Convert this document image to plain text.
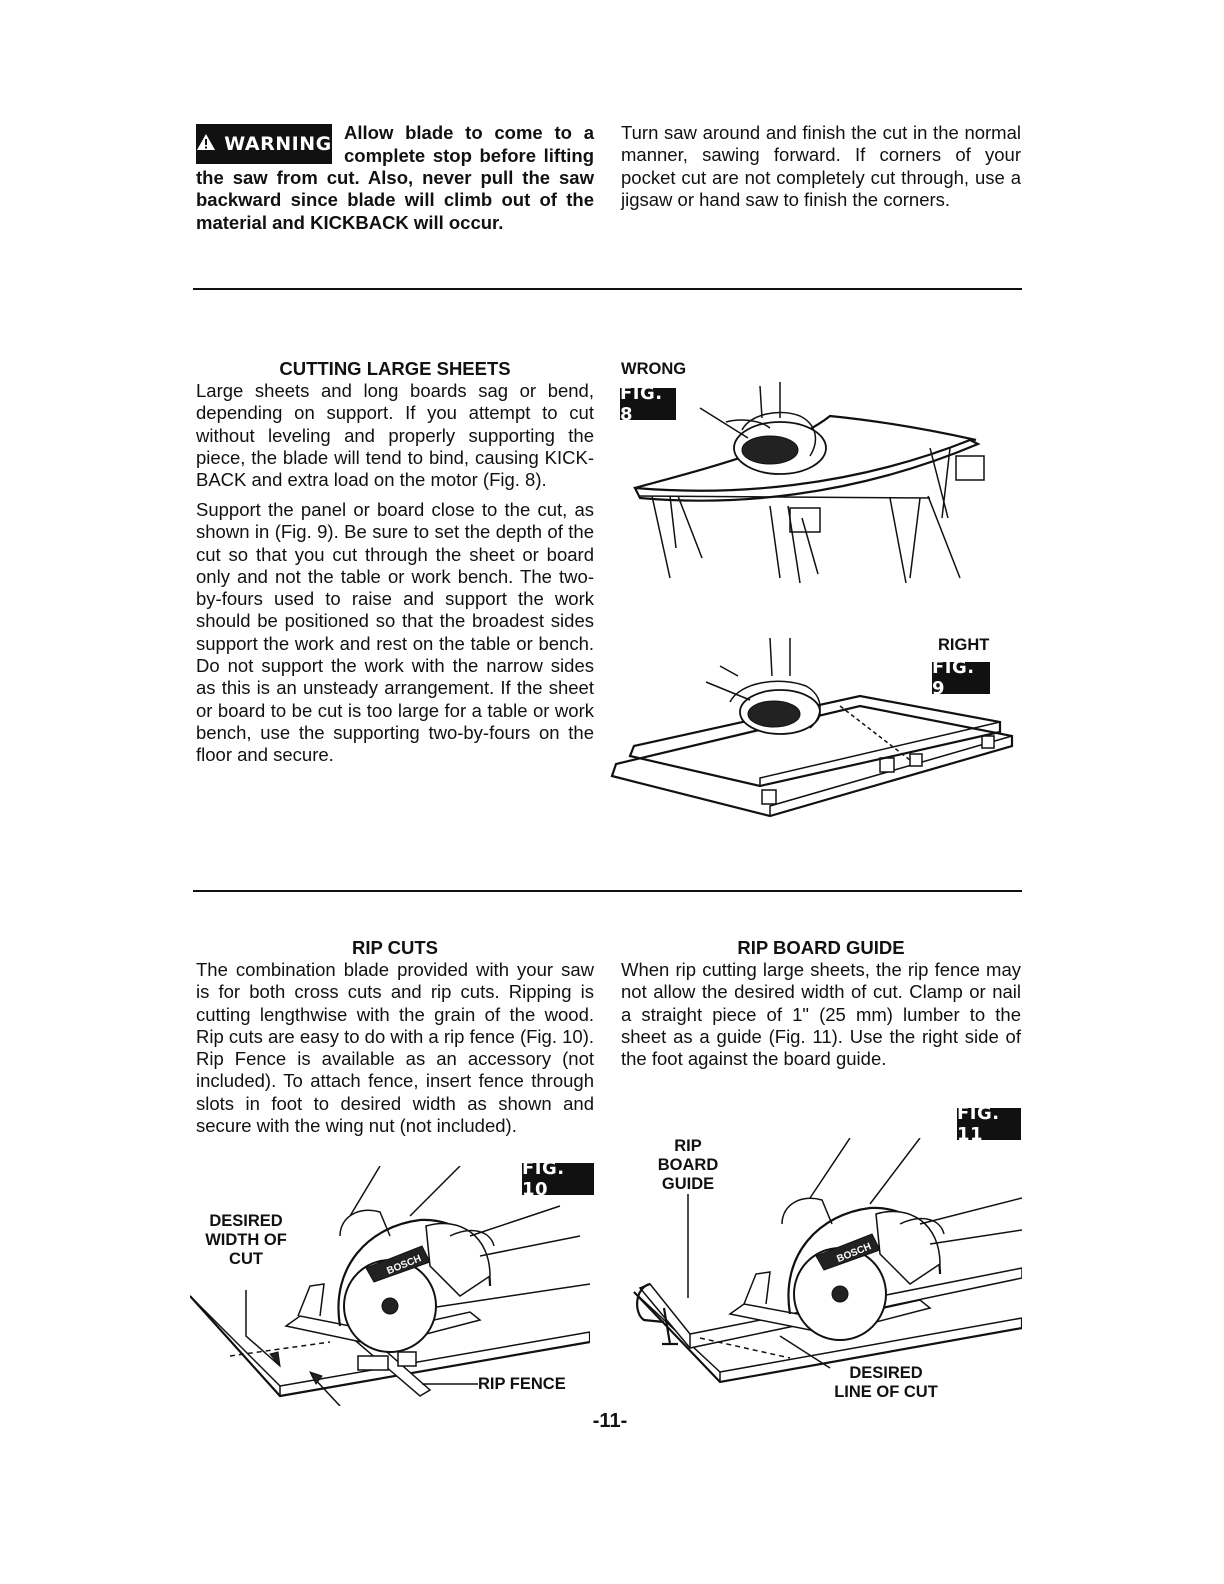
WARNING
Allow blade to come to a
complete stop before lifting
the saw from cut. Also, never pull the saw backward since blade will climb out of the material and KICKBACK will occur.
Turn saw around and finish the cut in the normal manner, sawing forward. If corners of your pocket cut are not completely cut through, use a jigsaw or hand saw to finish the corners.
CUTTING LARGE SHEETS
Large sheets and long boards sag or bend, depending on support. If you attempt to cut without leveling and properly supporting the piece, the blade will tend to bind, causing KICK-BACK and extra load on the motor (Fig. 8).
Support the panel or board close to the cut, as shown in (Fig. 9). Be sure to set the depth of the cut so that you cut through the sheet or board only and not the table or work bench. The two-by-fours used to raise and support the work should be positioned so that the broadest sides support the work and rest on the table or bench. Do not support the work with the narrow sides as this is an unsteady arrangement. If the sheet or board to be cut is too large for a table or work bench, use the supporting two-by-fours on the floor and secure.
WRONG
FIG. 8
RIGHT
FIG. 9
RIP CUTS
The combination blade provided with your saw is for both cross cuts and rip cuts. Ripping is cutting lengthwise with the grain of the wood. Rip cuts are easy to do with a rip fence (Fig. 10). Rip Fence is available as an accessory (not included). To attach fence, insert fence through slots in foot to desired width as shown and secure with the wing nut (not included).
FIG. 10
DESIRED
WIDTH OF
CUT
RIP FENCE
BOSCH
RIP BOARD GUIDE
When rip cutting large sheets, the rip fence may not allow the desired width of cut. Clamp or nail a straight piece of 1" (25 mm) lumber to the sheet as a guide (Fig. 11). Use the right side of the foot against the board guide.
FIG. 11
RIP
BOARD
GUIDE
DESIRED
LINE OF CUT
BOSCH
-11-
